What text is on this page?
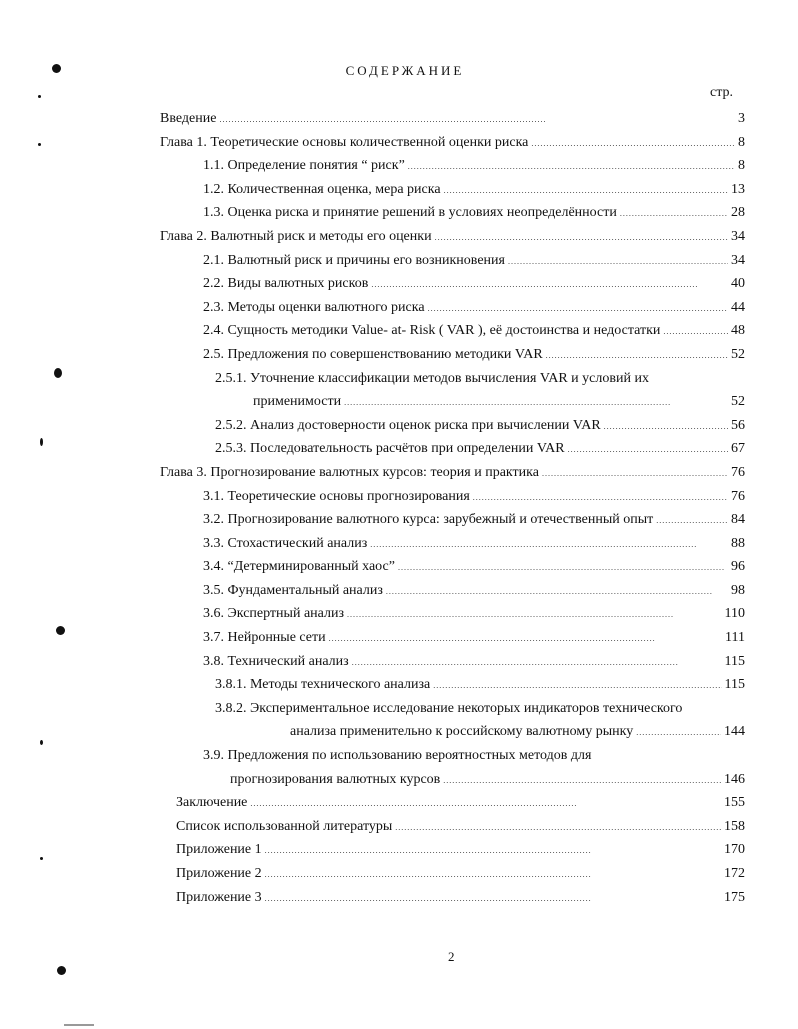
СОДЕРЖАНИЕ
стр.
Введение . . .	3
Глава 1. Теоретические основы количественной оценки риска . . .	8
1.1. Определение понятия “ риск” . . .	8
1.2. Количественная оценка, мера риска . . .	13
1.3. Оценка риска и принятие решений в условиях неопределённости . . .	28
Глава 2. Валютный риск и методы его оценки . . .	34
2.1. Валютный риск и причины его возникновения . . .	34
2.2. Виды валютных рисков . . .	40
2.3. Методы оценки валютного риска . . .	44
2.4. Сущность методики Value- at- Risk ( VAR ), её достоинства и недостатки . . .	48
2.5. Предложения по совершенствованию методики VAR . . .	52
2.5.1. Уточнение классификации методов вычисления VAR и условий их
применимости . . .	52
2.5.2. Анализ достоверности оценок риска при вычислении VAR . . .	56
2.5.3. Последовательность расчётов при определении VAR . . .	67
Глава 3. Прогнозирование валютных курсов: теория и практика . . .	76
3.1. Теоретические основы прогнозирования . . .	76
3.2. Прогнозирование валютного курса: зарубежный и отечественный опыт . . .	84
3.3. Стохастический анализ . . .	88
3.4. “Детерминированный хаос” . . .	96
3.5. Фундаментальный анализ . . .	98
3.6. Экспертный анализ . . .	110
3.7. Нейронные сети . . .	111
3.8. Технический анализ . . .	115
3.8.1. Методы технического анализа . . .	115
3.8.2. Экспериментальное исследование некоторых индикаторов технического
анализа применительно к российскому валютному рынку . . .	144
3.9. Предложения по использованию вероятностных методов для
прогнозирования валютных курсов . . .	146
Заключение . . .	155
Список использованной литературы . . .	158
Приложение 1 . . .	170
Приложение 2 . . .	172
Приложение 3 . . .	175
2
